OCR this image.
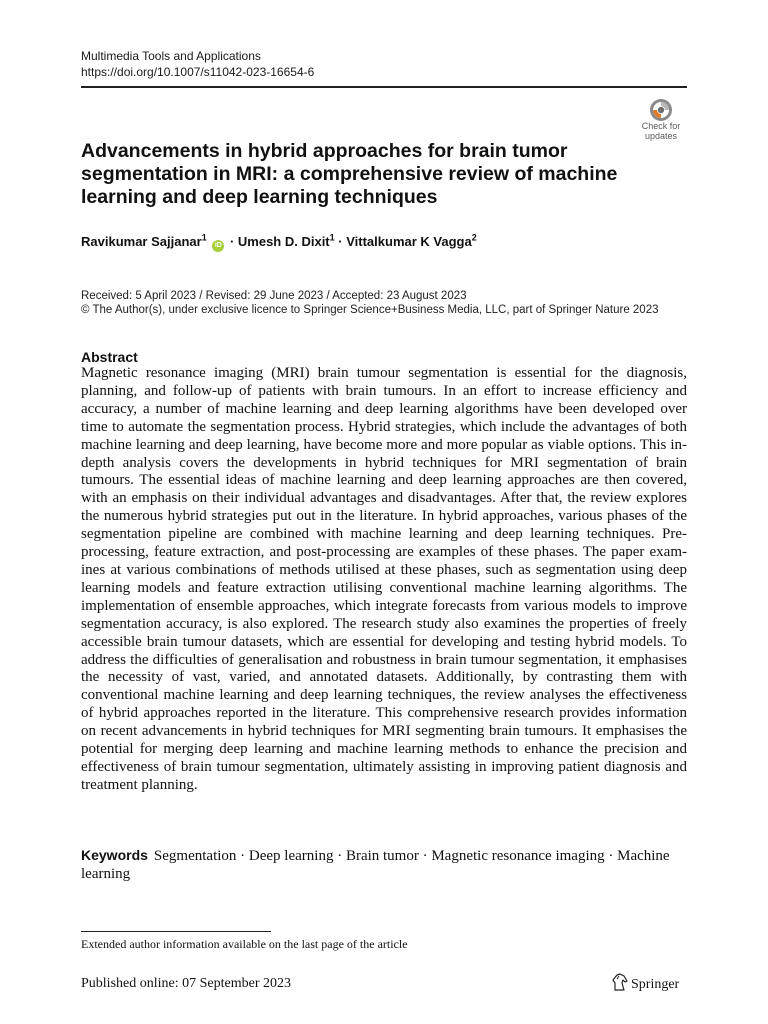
Multimedia Tools and Applications
https://doi.org/10.1007/s11042-023-16654-6
Check for
updates
Advancements in hybrid approaches for brain tumor segmentation in MRI: a comprehensive review of machine learning and deep learning techniques
Ravikumar Sajjanar$^1$ iD · Umesh D. Dixit$^1$ · Vittalkumar K Vagga$^2$
Received: 5 April 2023 / Revised: 29 June 2023 / Accepted: 23 August 2023
© The Author(s), under exclusive licence to Springer Science+Business Media, LLC, part of Springer Nature 2023
Abstract
Magnetic resonance imaging (MRI) brain tumour segmentation is essential for the diagnosis, planning, and follow-up of patients with brain tumours. In an effort to increase efficiency and accuracy, a number of machine learning and deep learning algorithms have been developed over time to automate the segmentation process. Hybrid strategies, which include the advantages of both machine learning and deep learning, have become more and more popular as viable options. This in-depth analysis covers the developments in hybrid techniques for MRI segmentation of brain tumours. The essential ideas of machine learning and deep learning approaches are then covered, with an emphasis on their individual advantages and disadvantages. After that, the review explores the numerous hybrid strategies put out in the literature. In hybrid approaches, various phases of the segmentation pipeline are combined with machine learning and deep learning techniques. Pre-processing, feature extraction, and post-processing are examples of these phases. The paper examines at various combinations of methods utilised at these phases, such as segmentation using deep learning models and feature extraction utilising conventional machine learning algorithms. The implementation of ensemble approaches, which integrate forecasts from various models to improve segmentation accuracy, is also explored. The research study also examines the properties of freely accessible brain tumour datasets, which are essential for developing and testing hybrid models. To address the difficulties of generalisation and robustness in brain tumour segmentation, it emphasises the necessity of vast, varied, and annotated datasets. Additionally, by contrasting them with conventional machine learning and deep learning techniques, the review analyses the effectiveness of hybrid approaches reported in the literature. This comprehensive research provides information on recent advancements in hybrid techniques for MRI segmenting brain tumours. It emphasises the potential for merging deep learning and machine learning methods to enhance the precision and effectiveness of brain tumour segmentation, ultimately assisting in improving patient diagnosis and treatment planning.
Keywords Segmentation · Deep learning · Brain tumor · Magnetic resonance imaging · Machine learning
Extended author information available on the last page of the article
Published online: 07 September 2023	Springer
